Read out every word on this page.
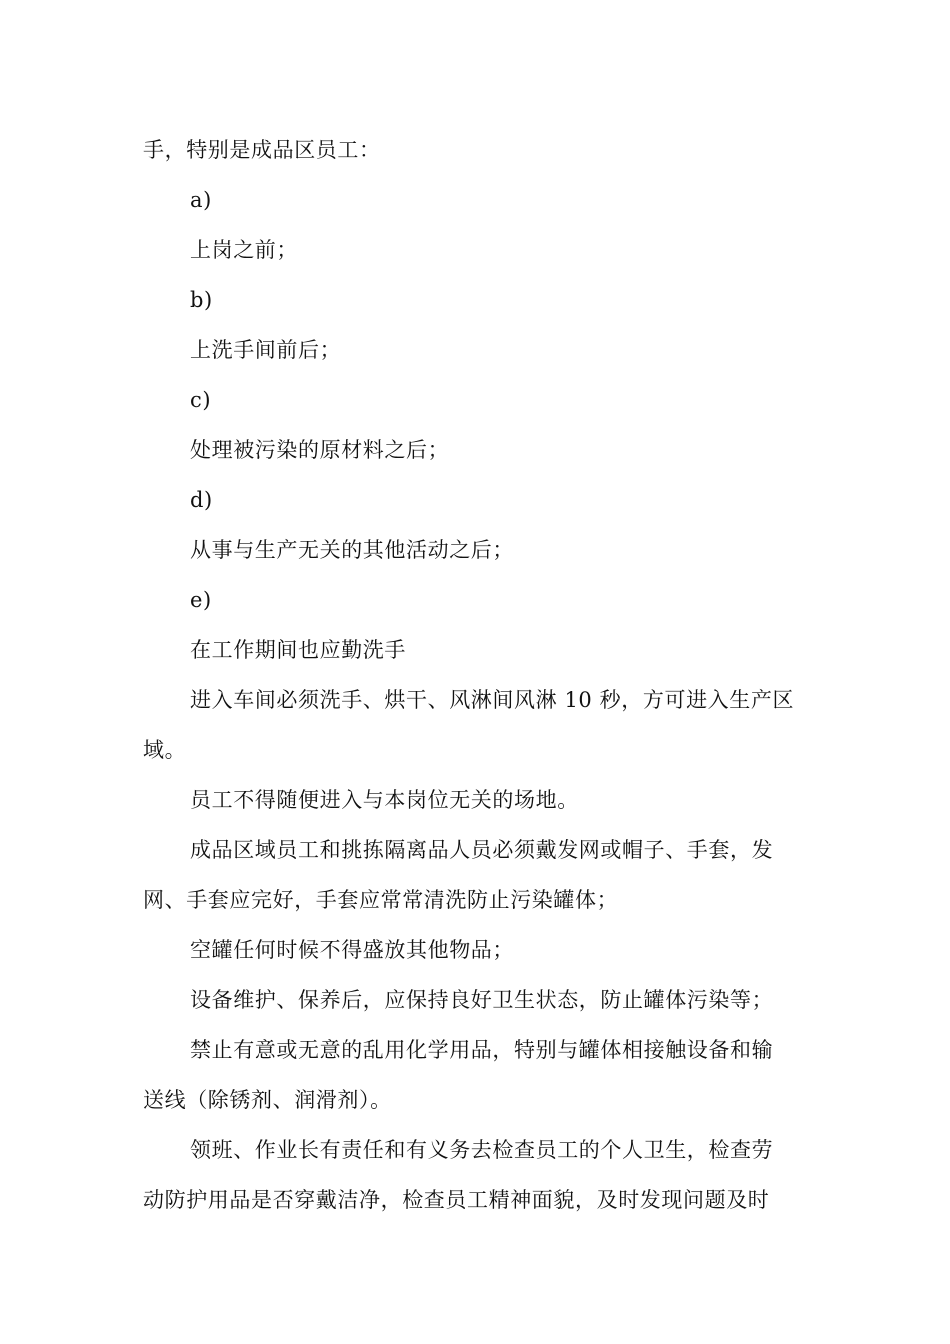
手，特别是成品区员工：
a)
上岗之前；
b)
上洗手间前后；
c)
处理被污染的原材料之后；
d)
从事与生产无关的其他活动之后；
e)
在工作期间也应勤洗手
进入车间必须洗手、烘干、风淋间风淋 10 秒，方可进入生产区
域。
员工不得随便进入与本岗位无关的场地。
成品区域员工和挑拣隔离品人员必须戴发网或帽子、手套，发
网、手套应完好，手套应常常清洗防止污染罐体；
空罐任何时候不得盛放其他物品；
设备维护、保养后，应保持良好卫生状态，防止罐体污染等；
禁止有意或无意的乱用化学用品，特别与罐体相接触设备和输
送线（除锈剂、润滑剂）。
领班、作业长有责任和有义务去检查员工的个人卫生，检查劳
动防护用品是否穿戴洁净，检查员工精神面貌，及时发现问题及时
